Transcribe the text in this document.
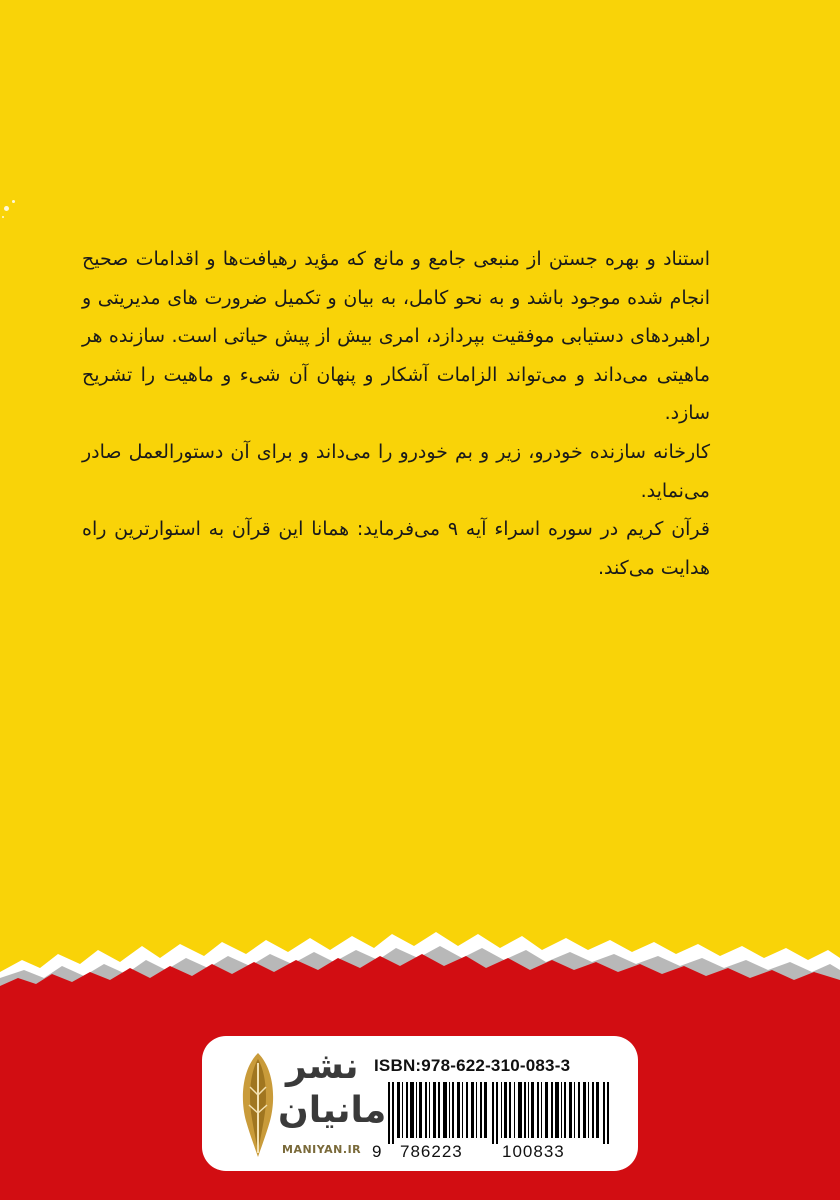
استناد و بهره جستن از منبعی جامع و مانع که مؤید رهیافت‌ها و اقدامات صحیح انجام شده موجود باشد و به نحو کامل، به بیان و تکمیل ضرورت های مدیریتی و راهبردهای دستیابی موفقیت بپردازد، امری بیش از پیش حیاتی است. سازنده هر ماهیتی می‌داند و می‌تواند الزامات آشکار و پنهان آن شیء و ماهیت را تشریح سازد.

کارخانه سازنده خودرو، زیر و بم خودرو را می‌داند و برای آن دستورالعمل صادر می‌نماید.

قرآن کریم در سوره اسراء آیه ۹ می‌فرماید: همانا این قرآن به استوارترین راه هدایت می‌کند.

نشر
مانیان
MANIYAN.IR
ISBN:978-622-310-083-3
9 786223 100833
